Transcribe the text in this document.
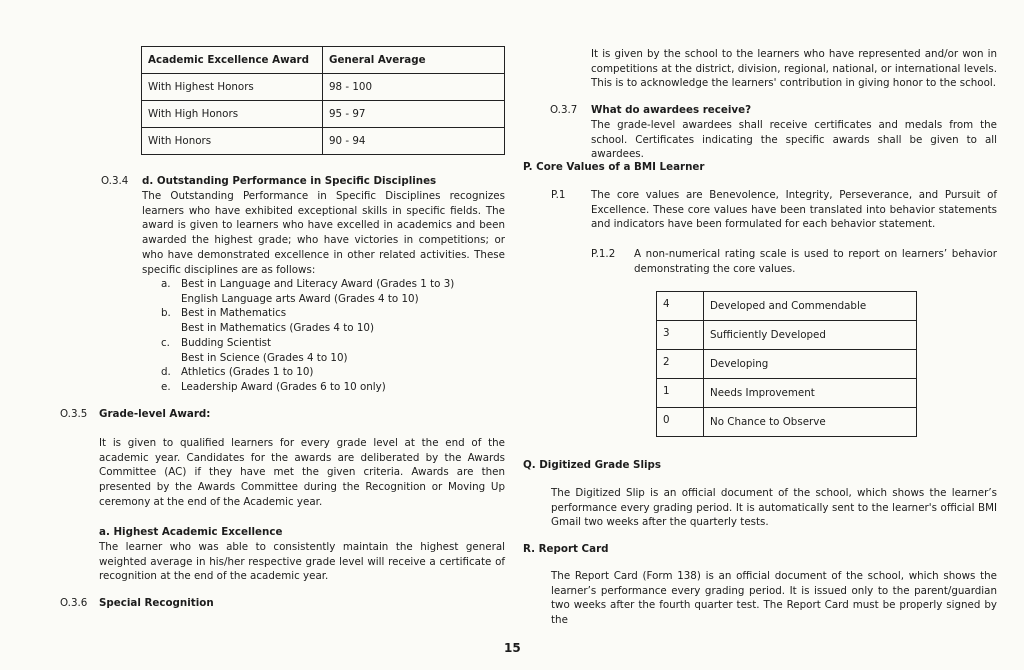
Academic Excellence Award	General Average
With Highest Honors	98 - 100
With High Honors	95 - 97
With Honors	90 - 94
O.3.4 d. Outstanding Performance in Specific Disciplines
The Outstanding Performance in Specific Disciplines recognizes learners who have exhibited exceptional skills in specific fields. The award is given to learners who have excelled in academics and been awarded the highest grade; who have victories in competitions; or who have demonstrated excellence in other related activities. These specific disciplines are as follows:
a. Best in Language and Literacy Award (Grades 1 to 3)
English Language arts Award (Grades 4 to 10)
b. Best in Mathematics
Best in Mathematics (Grades 4 to 10)
c. Budding Scientist
Best in Science (Grades 4 to 10)
d. Athletics (Grades 1 to 10)
e. Leadership Award (Grades 6 to 10 only)
O.3.5 Grade-level Award:
It is given to qualified learners for every grade level at the end of the academic year. Candidates for the awards are deliberated by the Awards Committee (AC) if they have met the given criteria. Awards are then presented by the Awards Committee during the Recognition or Moving Up ceremony at the end of the Academic year.
a. Highest Academic Excellence
The learner who was able to consistently maintain the highest general weighted average in his/her respective grade level will receive a certificate of recognition at the end of the academic year.
O.3.6 Special Recognition
It is given by the school to the learners who have represented and/or won in competitions at the district, division, regional, national, or international levels. This is to acknowledge the learners' contribution in giving honor to the school.
O.3.7 What do awardees receive?
The grade-level awardees shall receive certificates and medals from the school. Certificates indicating the specific awards shall be given to all awardees.
P. Core Values of a BMI Learner
P.1 The core values are Benevolence, Integrity, Perseverance, and Pursuit of Excellence. These core values have been translated into behavior statements and indicators have been formulated for each behavior statement.
P.1.2 A non-numerical rating scale is used to report on learners’ behavior demonstrating the core values.
4	Developed and Commendable
3	Sufficiently Developed
2	Developing
1	Needs Improvement
0	No Chance to Observe
Q. Digitized Grade Slips
The Digitized Slip is an official document of the school, which shows the learner’s performance every grading period. It is automatically sent to the learner's official BMI Gmail two weeks after the quarterly tests.
R. Report Card
The Report Card (Form 138) is an official document of the school, which shows the learner’s performance every grading period. It is issued only to the parent/guardian two weeks after the fourth quarter test. The Report Card must be properly signed by the
15
